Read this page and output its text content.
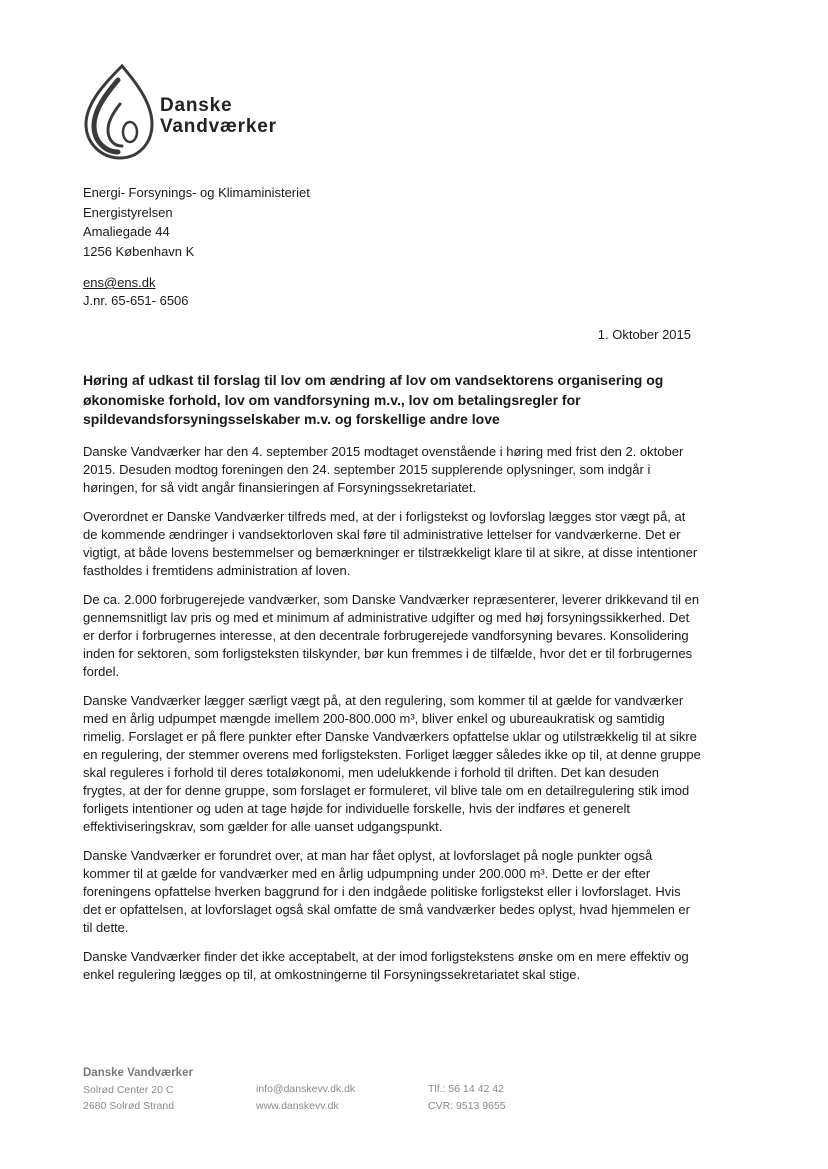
Danske
Vandværker
Energi- Forsynings- og Klimaministeriet
Energistyrelsen
Amaliegade 44
1256 København K
ens@ens.dk
J.nr. 65-651- 6506
1. Oktober 2015
Høring af udkast til forslag til lov om ændring af lov om vandsektorens organisering og økonomiske forhold, lov om vandforsyning m.v., lov om betalingsregler for spildevandsforsyningsselskaber m.v. og forskellige andre love

Danske Vandværker har den 4. september 2015 modtaget ovenstående i høring med frist den 2. oktober 2015. Desuden modtog foreningen den 24. september 2015 supplerende oplysninger, som indgår i høringen, for så vidt angår finansieringen af Forsyningssekretariatet.

Overordnet er Danske Vandværker tilfreds med, at der i forligstekst og lovforslag lægges stor vægt på, at de kommende ændringer i vandsektorloven skal føre til administrative lettelser for vandværkerne. Det er vigtigt, at både lovens bestemmelser og bemærkninger er tilstrækkeligt klare til at sikre, at disse intentioner fastholdes i fremtidens administration af loven.

De ca. 2.000 forbrugerejede vandværker, som Danske Vandværker repræsenterer, leverer drikkevand til en gennemsnitligt lav pris og med et minimum af administrative udgifter og med høj forsyningssikkerhed. Det er derfor i forbrugernes interesse, at den decentrale forbrugerejede vandforsyning bevares. Konsolidering inden for sektoren, som forligsteksten tilskynder, bør kun fremmes i de tilfælde, hvor det er til forbrugernes fordel.

Danske Vandværker lægger særligt vægt på, at den regulering, som kommer til at gælde for vandværker med en årlig udpumpet mængde imellem 200-800.000 m³, bliver enkel og ubureaukratisk og samtidig rimelig. Forslaget er på flere punkter efter Danske Vandværkers opfattelse uklar og utilstrækkelig til at sikre en regulering, der stemmer overens med forligsteksten. Forliget lægger således ikke op til, at denne gruppe skal reguleres i forhold til deres totaløkonomi, men udelukkende i forhold til driften. Det kan desuden frygtes, at der for denne gruppe, som forslaget er formuleret, vil blive tale om en detailregulering stik imod forligets intentioner og uden at tage højde for individuelle forskelle, hvis der indføres et generelt effektiviseringskrav, som gælder for alle uanset udgangspunkt.

Danske Vandværker er forundret over, at man har fået oplyst, at lovforslaget på nogle punkter også kommer til at gælde for vandværker med en årlig udpumpning under 200.000 m³. Dette er der efter foreningens opfattelse hverken baggrund for i den indgåede politiske forligstekst eller i lovforslaget. Hvis det er opfattelsen, at lovforslaget også skal omfatte de små vandværker bedes oplyst, hvad hjemmelen er til dette.

Danske Vandværker finder det ikke acceptabelt, at der imod forligstekstens ønske om en mere effektiv og enkel regulering lægges op til, at omkostningerne til Forsyningssekretariatet skal stige.

Danske Vandværker
Solrød Center 20 C
2680 Solrød Strand
info@danskevv.dk.dk
www.danskevv.dk
Tlf.: 56 14 42 42
CVR: 9513 9655
